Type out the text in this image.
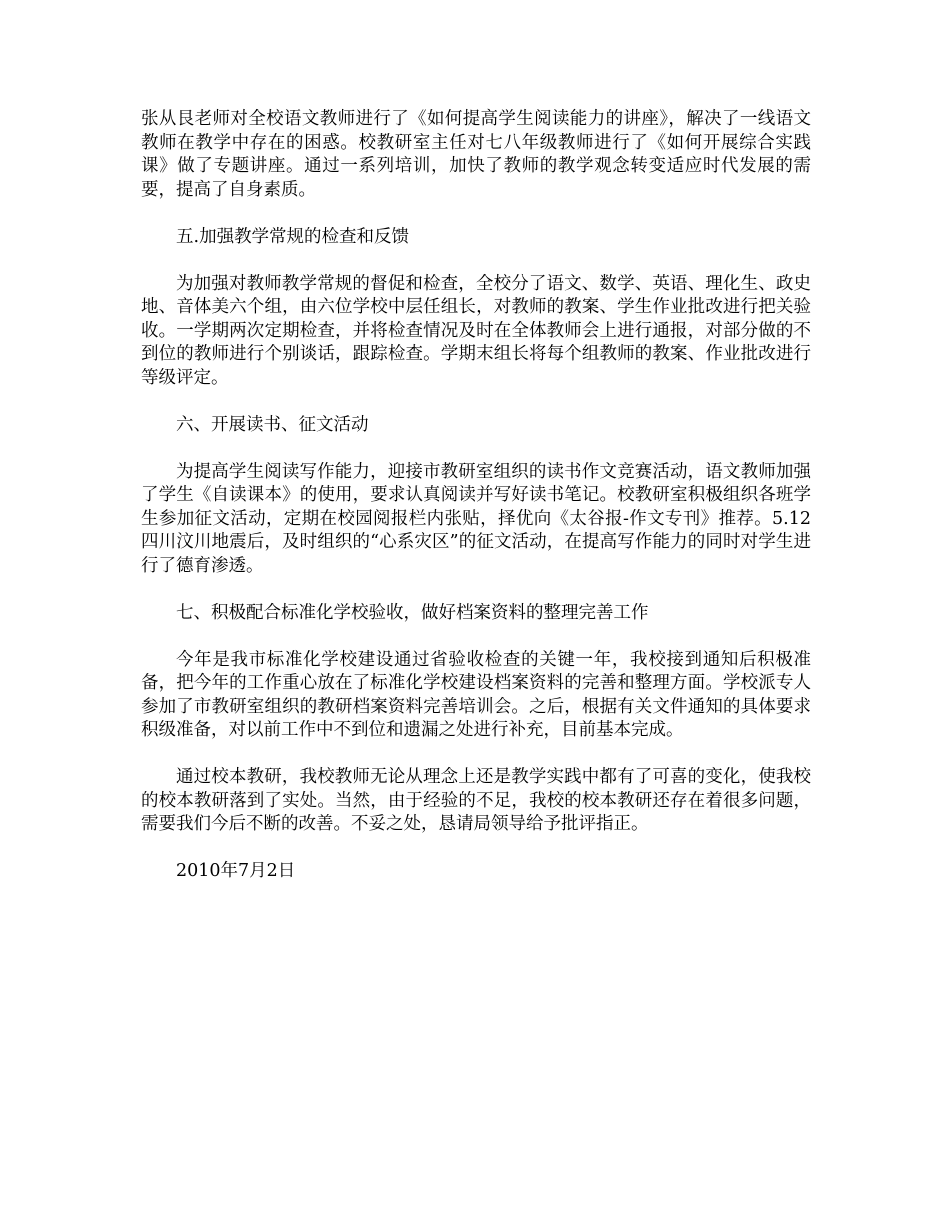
张从艮老师对全校语文教师进行了《如何提高学生阅读能力的讲座》，解决了一线语文教师在教学中存在的困惑。校教研室主任对七八年级教师进行了《如何开展综合实践课》做了专题讲座。通过一系列培训，加快了教师的教学观念转变适应时代发展的需要，提高了自身素质。

五.加强教学常规的检查和反馈

为加强对教师教学常规的督促和检查，全校分了语文、数学、英语、理化生、政史地、音体美六个组，由六位学校中层任组长，对教师的教案、学生作业批改进行把关验收。一学期两次定期检查，并将检查情况及时在全体教师会上进行通报，对部分做的不到位的教师进行个别谈话，跟踪检查。学期末组长将每个组教师的教案、作业批改进行等级评定。

六、开展读书、征文活动

为提高学生阅读写作能力，迎接市教研室组织的读书作文竞赛活动，语文教师加强了学生《自读课本》的使用，要求认真阅读并写好读书笔记。校教研室积极组织各班学生参加征文活动，定期在校园阅报栏内张贴，择优向《太谷报-作文专刊》推荐。5.12四川汶川地震后，及时组织的“心系灾区”的征文活动，在提高写作能力的同时对学生进行了德育渗透。

七、积极配合标准化学校验收，做好档案资料的整理完善工作

今年是我市标准化学校建设通过省验收检查的关键一年，我校接到通知后积极准备，把今年的工作重心放在了标准化学校建设档案资料的完善和整理方面。学校派专人参加了市教研室组织的教研档案资料完善培训会。之后，根据有关文件通知的具体要求积级准备，对以前工作中不到位和遗漏之处进行补充，目前基本完成。

通过校本教研，我校教师无论从理念上还是教学实践中都有了可喜的变化，使我校的校本教研落到了实处。当然，由于经验的不足，我校的校本教研还存在着很多问题，需要我们今后不断的改善。不妥之处，恳请局领导给予批评指正。

2010年7月2日
